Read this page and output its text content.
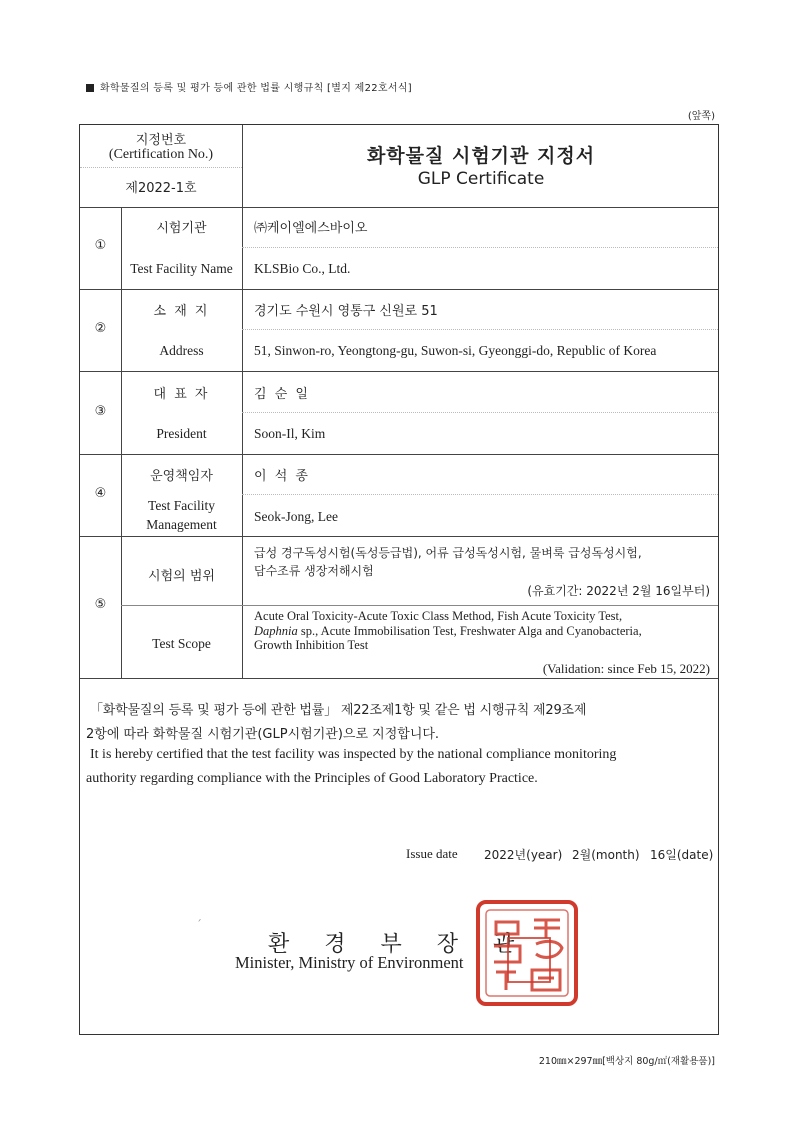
화학물질의 등록 및 평가 등에 관한 법률 시행규칙 [별지 제22호서식]
(앞쪽)
지정번호
(Certification No.)
제2022-1호
화학물질 시험기관 지정서
GLP Certificate
①
시험기관
Test Facility Name
㈜케이엘에스바이오
KLSBio Co., Ltd.
②
소 재 지
Address
경기도 수원시 영통구 신원로 51
51, Sinwon-ro, Yeongtong-gu, Suwon-si, Gyeonggi-do, Republic of Korea
③
대 표 자
President
김 순 일
Soon-Il, Kim
④
운영책임자
Test Facility
Management
이 석 종
Seok-Jong, Lee
⑤
시험의 범위
Test Scope
급성 경구독성시험(독성등급법), 어류 급성독성시험, 물벼룩 급성독성시험,
담수조류 생장저해시험
(유효기간: 2022년 2월 16일부터)
Acute Oral Toxicity-Acute Toxic Class Method, Fish Acute Toxicity Test,
Daphnia sp., Acute Immobilisation Test, Freshwater Alga and Cyanobacteria,
Growth Inhibition Test
(Validation: since Feb 15, 2022)
「화학물질의 등록 및 평가 등에 관한 법률」 제22조제1항 및 같은 법 시행규칙 제29조제
2항에 따라 화학물질 시험기관(GLP시험기관)으로 지정합니다.
It is hereby certified that the test facility was inspected by the national compliance monitoring
authority regarding compliance with the Principles of Good Laboratory Practice.
Issue date 2022년(year) 2월(month) 16일(date)
환 경 부 장 관
Minister, Ministry of Environment
´
210㎜×297㎜[백상지 80g/㎡(재활용품)]
